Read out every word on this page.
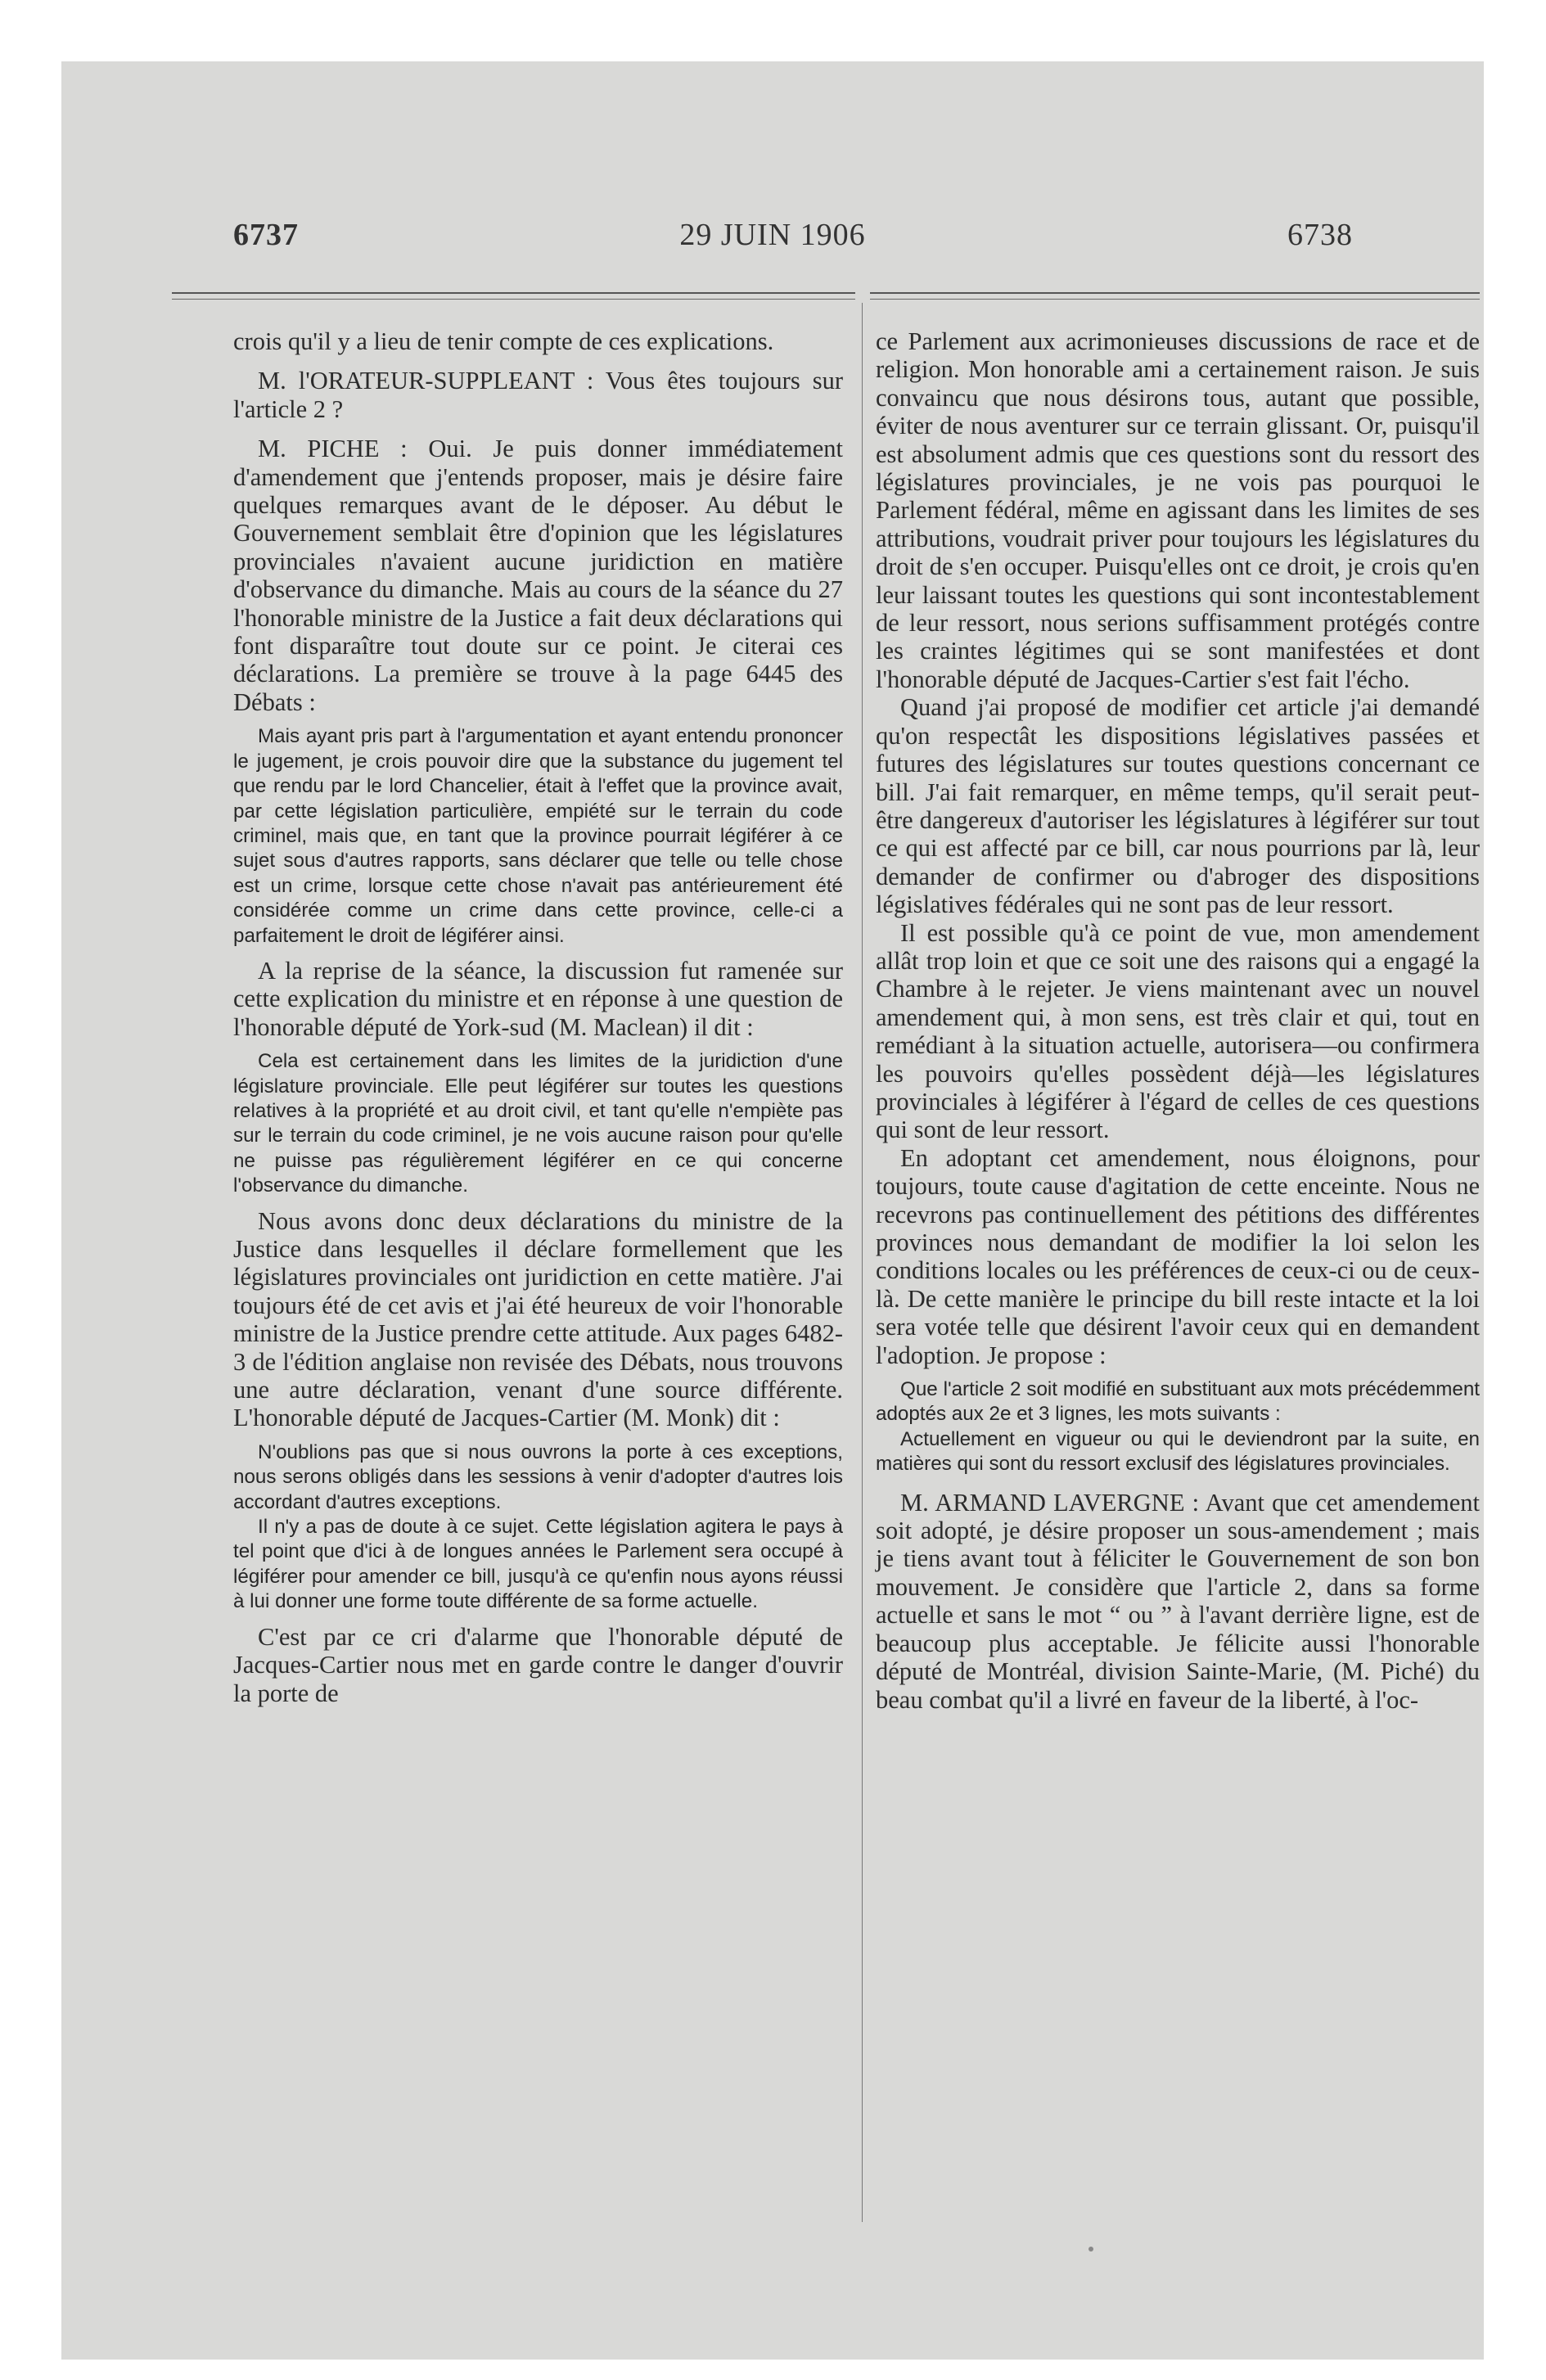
6737	29 JUIN 1906	6738

crois qu'il y a lieu de tenir compte de ces explications.

M. l'ORATEUR-SUPPLEANT : Vous êtes toujours sur l'article 2 ?

M. PICHE : Oui. Je puis donner immédiatement d'amendement que j'entends proposer, mais je désire faire quelques remarques avant de le déposer. Au début le Gouvernement semblait être d'opinion que les législatures provinciales n'avaient aucune juridiction en matière d'observance du dimanche. Mais au cours de la séance du 27 l'honorable ministre de la Justice a fait deux déclarations qui font disparaître tout doute sur ce point. Je citerai ces déclarations. La première se trouve à la page 6445 des Débats :

Mais ayant pris part à l'argumentation et ayant entendu prononcer le jugement, je crois pouvoir dire que la substance du jugement tel que rendu par le lord Chancelier, était à l'effet que la province avait, par cette législation particulière, empiété sur le terrain du code criminel, mais que, en tant que la province pourrait légiférer à ce sujet sous d'autres rapports, sans déclarer que telle ou telle chose est un crime, lorsque cette chose n'avait pas antérieurement été considérée comme un crime dans cette province, celle-ci a parfaitement le droit de légiférer ainsi.

A la reprise de la séance, la discussion fut ramenée sur cette explication du ministre et en réponse à une question de l'honorable député de York-sud (M. Maclean) il dit :

Cela est certainement dans les limites de la juridiction d'une législature provinciale. Elle peut légiférer sur toutes les questions relatives à la propriété et au droit civil, et tant qu'elle n'empiète pas sur le terrain du code criminel, je ne vois aucune raison pour qu'elle ne puisse pas régulièrement légiférer en ce qui concerne l'observance du dimanche.

Nous avons donc deux déclarations du ministre de la Justice dans lesquelles il déclare formellement que les législatures provinciales ont juridiction en cette matière. J'ai toujours été de cet avis et j'ai été heureux de voir l'honorable ministre de la Justice prendre cette attitude. Aux pages 6482-3 de l'édition anglaise non revisée des Débats, nous trouvons une autre déclaration, venant d'une source différente. L'honorable député de Jacques-Cartier (M. Monk) dit :

N'oublions pas que si nous ouvrons la porte à ces exceptions, nous serons obligés dans les sessions à venir d'adopter d'autres lois accordant d'autres exceptions.

Il n'y a pas de doute à ce sujet. Cette législation agitera le pays à tel point que d'ici à de longues années le Parlement sera occupé à légiférer pour amender ce bill, jusqu'à ce qu'enfin nous ayons réussi à lui donner une forme toute différente de sa forme actuelle.

C'est par ce cri d'alarme que l'honorable député de Jacques-Cartier nous met en garde contre le danger d'ouvrir la porte de

ce Parlement aux acrimonieuses discussions de race et de religion. Mon honorable ami a certainement raison. Je suis convaincu que nous désirons tous, autant que possible, éviter de nous aventurer sur ce terrain glissant. Or, puisqu'il est absolument admis que ces questions sont du ressort des législatures provinciales, je ne vois pas pourquoi le Parlement fédéral, même en agissant dans les limites de ses attributions, voudrait priver pour toujours les législatures du droit de s'en occuper. Puisqu'elles ont ce droit, je crois qu'en leur laissant toutes les questions qui sont incontestablement de leur ressort, nous serions suffisamment protégés contre les craintes légitimes qui se sont manifestées et dont l'honorable député de Jacques-Cartier s'est fait l'écho.

Quand j'ai proposé de modifier cet article j'ai demandé qu'on respectât les dispositions législatives passées et futures des législatures sur toutes questions concernant ce bill. J'ai fait remarquer, en même temps, qu'il serait peut-être dangereux d'autoriser les législatures à légiférer sur tout ce qui est affecté par ce bill, car nous pourrions par là, leur demander de confirmer ou d'abroger des dispositions législatives fédérales qui ne sont pas de leur ressort.

Il est possible qu'à ce point de vue, mon amendement allât trop loin et que ce soit une des raisons qui a engagé la Chambre à le rejeter. Je viens maintenant avec un nouvel amendement qui, à mon sens, est très clair et qui, tout en remédiant à la situation actuelle, autorisera—ou confirmera les pouvoirs qu'elles possèdent déjà—les législatures provinciales à légiférer à l'égard de celles de ces questions qui sont de leur ressort.

En adoptant cet amendement, nous éloignons, pour toujours, toute cause d'agitation de cette enceinte. Nous ne recevrons pas continuellement des pétitions des différentes provinces nous demandant de modifier la loi selon les conditions locales ou les préférences de ceux-ci ou de ceux-là. De cette manière le principe du bill reste intacte et la loi sera votée telle que désirent l'avoir ceux qui en demandent l'adoption. Je propose :

Que l'article 2 soit modifié en substituant aux mots précédemment adoptés aux 2e et 3 lignes, les mots suivants :

Actuellement en vigueur ou qui le deviendront par la suite, en matières qui sont du ressort exclusif des législatures provinciales.

M. ARMAND LAVERGNE : Avant que cet amendement soit adopté, je désire proposer un sous-amendement ; mais je tiens avant tout à féliciter le Gouvernement de son bon mouvement. Je considère que l'article 2, dans sa forme actuelle et sans le mot “ ou ” à l'avant derrière ligne, est de beaucoup plus acceptable. Je félicite aussi l'honorable député de Montréal, division Sainte-Marie, (M. Piché) du beau combat qu'il a livré en faveur de la liberté, à l'oc-
